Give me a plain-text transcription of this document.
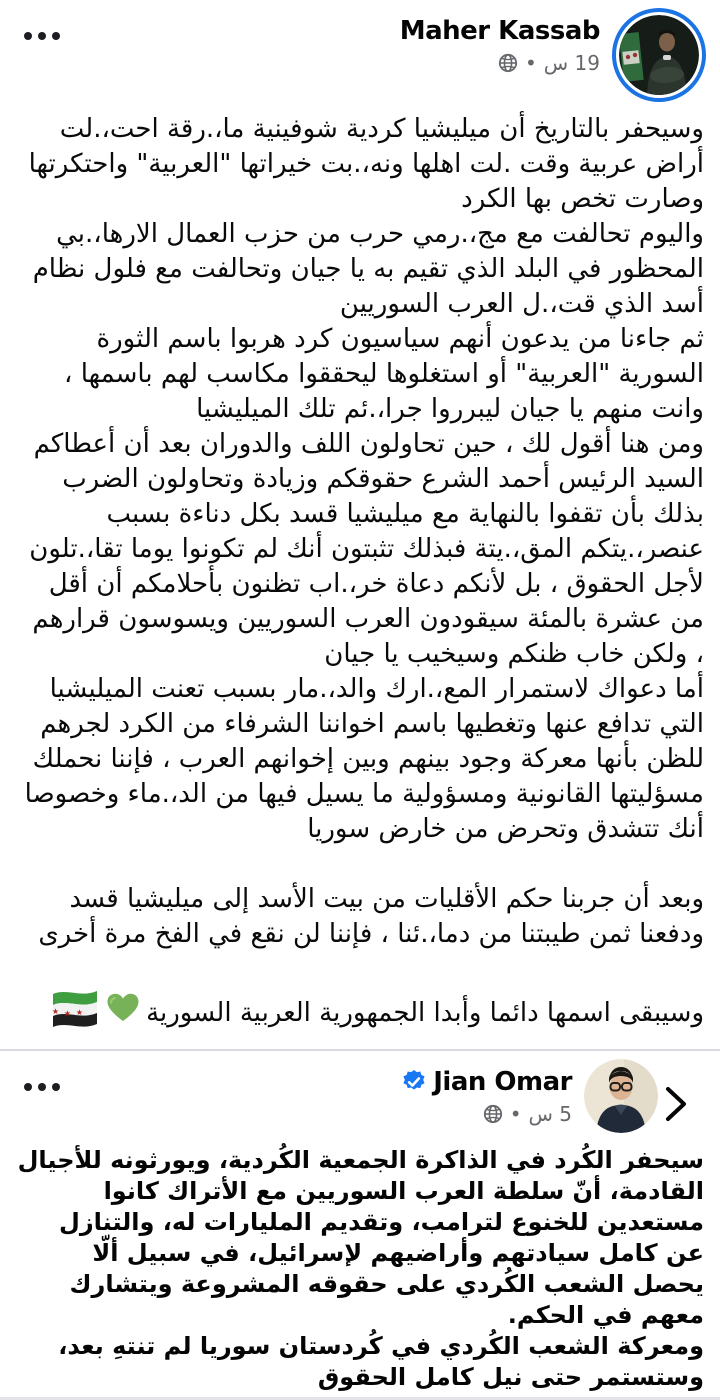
Maher Kassab
19 س
•

وسيحفر بالتاريخ أن ميليشيا كردية شوفينية ما،.رقة احت،.لت أراض عربية وقت .لت اهلها ونه،.بت خيراتها "العربية" واحتكرتها وصارت تخص بها الكرد

واليوم تحالفت مع مج،.رمي حرب من حزب العمال الارها،.بي المحظور في البلد الذي تقيم به يا جيان وتحالفت مع فلول نظام أسد الذي قت،.ل العرب السوريين

ثم جاءنا من يدعون أنهم سياسيون كرد هربوا باسم الثورة السورية "العربية" أو استغلوها ليحققوا مكاسب لهم باسمها ، وانت منهم يا جيان ليبرروا جرا،.ئم تلك الميليشيا

ومن هنا أقول لك ، حين تحاولون اللف والدوران بعد أن أعطاكم السيد الرئيس أحمد الشرع حقوقكم وزيادة وتحاولون الضرب بذلك بأن تقفوا بالنهاية مع ميليشيا قسد بكل دناءة بسبب عنصر،.يتكم المق،.يتة فبذلك تثبتون أنك لم تكونوا يوما تقا،.تلون لأجل الحقوق ، بل لأنكم دعاة خر،.اب تظنون بأحلامكم أن أقل من عشرة بالمئة سيقودون العرب السوريين ويسوسون قرارهم ، ولكن خاب ظنكم وسيخيب يا جيان

أما دعواك لاستمرار المع،.ارك والد،.مار بسبب تعنت الميليشيا التي تدافع عنها وتغطيها باسم اخواننا الشرفاء من الكرد لجرهم للظن بأنها معركة وجود بينهم وبين إخوانهم العرب ، فإننا نحملك مسؤليتها القانونية ومسؤولية ما يسيل فيها من الد،.ماء وخصوصا أنك تتشدق وتحرض من خارض سوريا

وبعد أن جربنا حكم الأقليات من بيت الأسد إلى ميليشيا قسد ودفعنا ثمن طيبتنا من دما،.ئنا ، فإننا لن نقع في الفخ مرة أخرى

وسيبقى اسمها دائما وأبدا الجمهورية العربية السورية
★ ★ ★
Jian Omar
5 س
•

سيحفر الكُرد في الذاكرة الجمعية الكُردية، ويورثونه للأجيال القادمة، أنّ سلطة العرب السوريين مع الأتراك كانوا مستعدين للخنوع لترامب، وتقديم المليارات له، والتنازل عن كامل سيادتهم وأراضيهم لإسرائيل، في سبيل ألّا يحصل الشعب الكُردي على حقوقه المشروعة ويتشارك معهم في الحكم.

ومعركة الشعب الكُردي في كُردستان سوريا لم تنتهِ بعد، وستستمر حتى نيل كامل الحقوق
